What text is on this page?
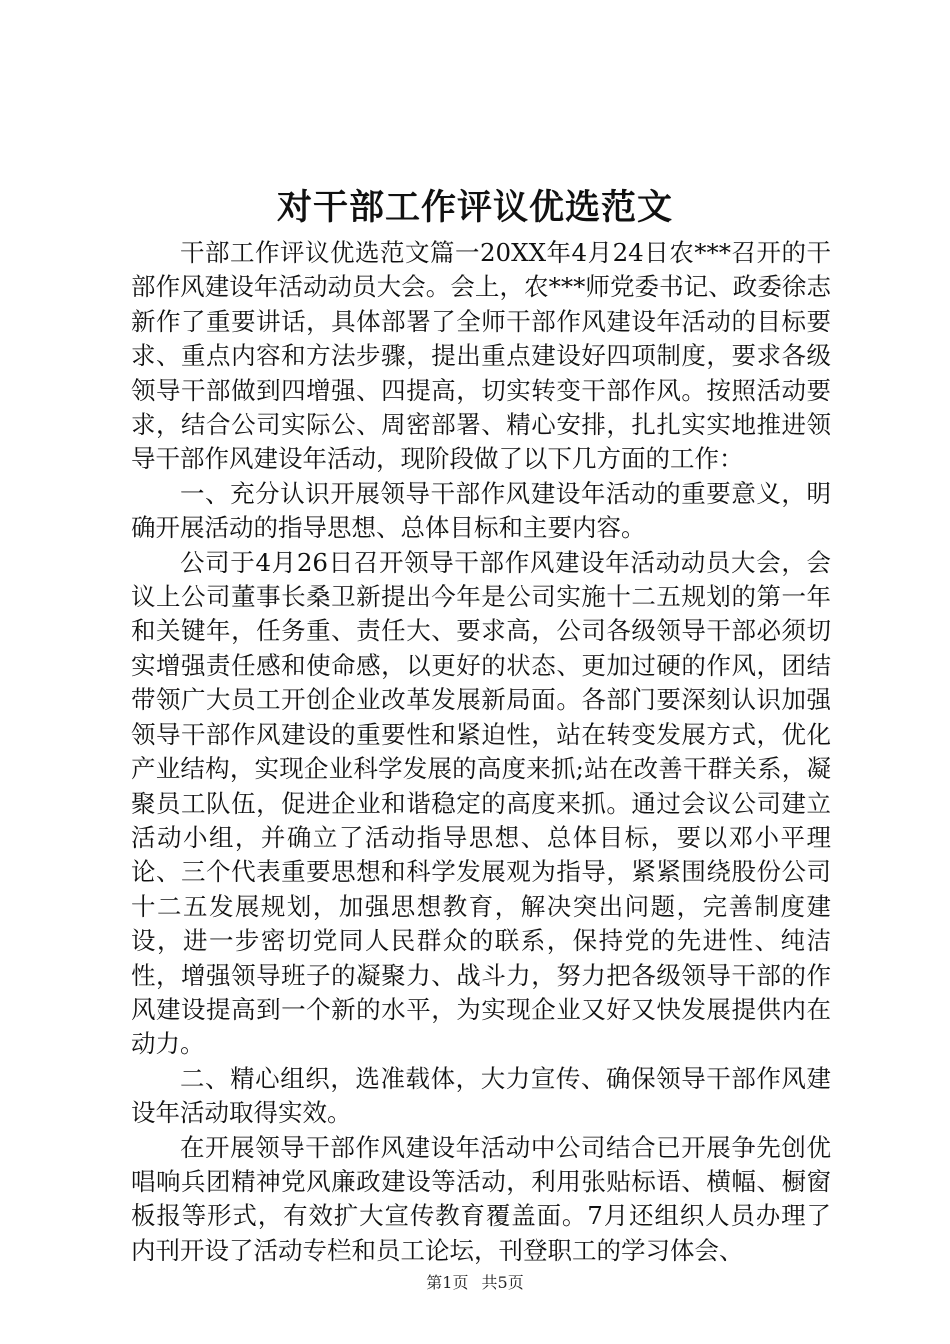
对干部工作评议优选范文

干部工作评议优选范文篇一20XX年4月24日农***召开的干部作风建设年活动动员大会。会上，农***师党委书记、政委徐志新作了重要讲话，具体部署了全师干部作风建设年活动的目标要求、重点内容和方法步骤，提出重点建设好四项制度，要求各级领导干部做到四增强、四提高，切实转变干部作风。按照活动要求，结合公司实际公、周密部署、精心安排，扎扎实实地推进领导干部作风建设年活动，现阶段做了以下几方面的工作：

一、充分认识开展领导干部作风建设年活动的重要意义，明确开展活动的指导思想、总体目标和主要内容。

公司于4月26日召开领导干部作风建设年活动动员大会，会议上公司董事长桑卫新提出今年是公司实施十二五规划的第一年和关键年，任务重、责任大、要求高，公司各级领导干部必须切实增强责任感和使命感，以更好的状态、更加过硬的作风，团结带领广大员工开创企业改革发展新局面。各部门要深刻认识加强领导干部作风建设的重要性和紧迫性，站在转变发展方式，优化产业结构，实现企业科学发展的高度来抓;站在改善干群关系，凝聚员工队伍，促进企业和谐稳定的高度来抓。通过会议公司建立活动小组，并确立了活动指导思想、总体目标，要以邓小平理论、三个代表重要思想和科学发展观为指导，紧紧围绕股份公司十二五发展规划，加强思想教育，解决突出问题，完善制度建设，进一步密切党同人民群众的联系，保持党的先进性、纯洁性，增强领导班子的凝聚力、战斗力，努力把各级领导干部的作风建设提高到一个新的水平，为实现企业又好又快发展提供内在动力。

二、精心组织，选准载体，大力宣传、确保领导干部作风建设年活动取得实效。

在开展领导干部作风建设年活动中公司结合已开展争先创优唱响兵团精神党风廉政建设等活动，利用张贴标语、横幅、橱窗板报等形式，有效扩大宣传教育覆盖面。7月还组织人员办理了内刊开设了活动专栏和员工论坛，刊登职工的学习体会、

第1页 共5页
